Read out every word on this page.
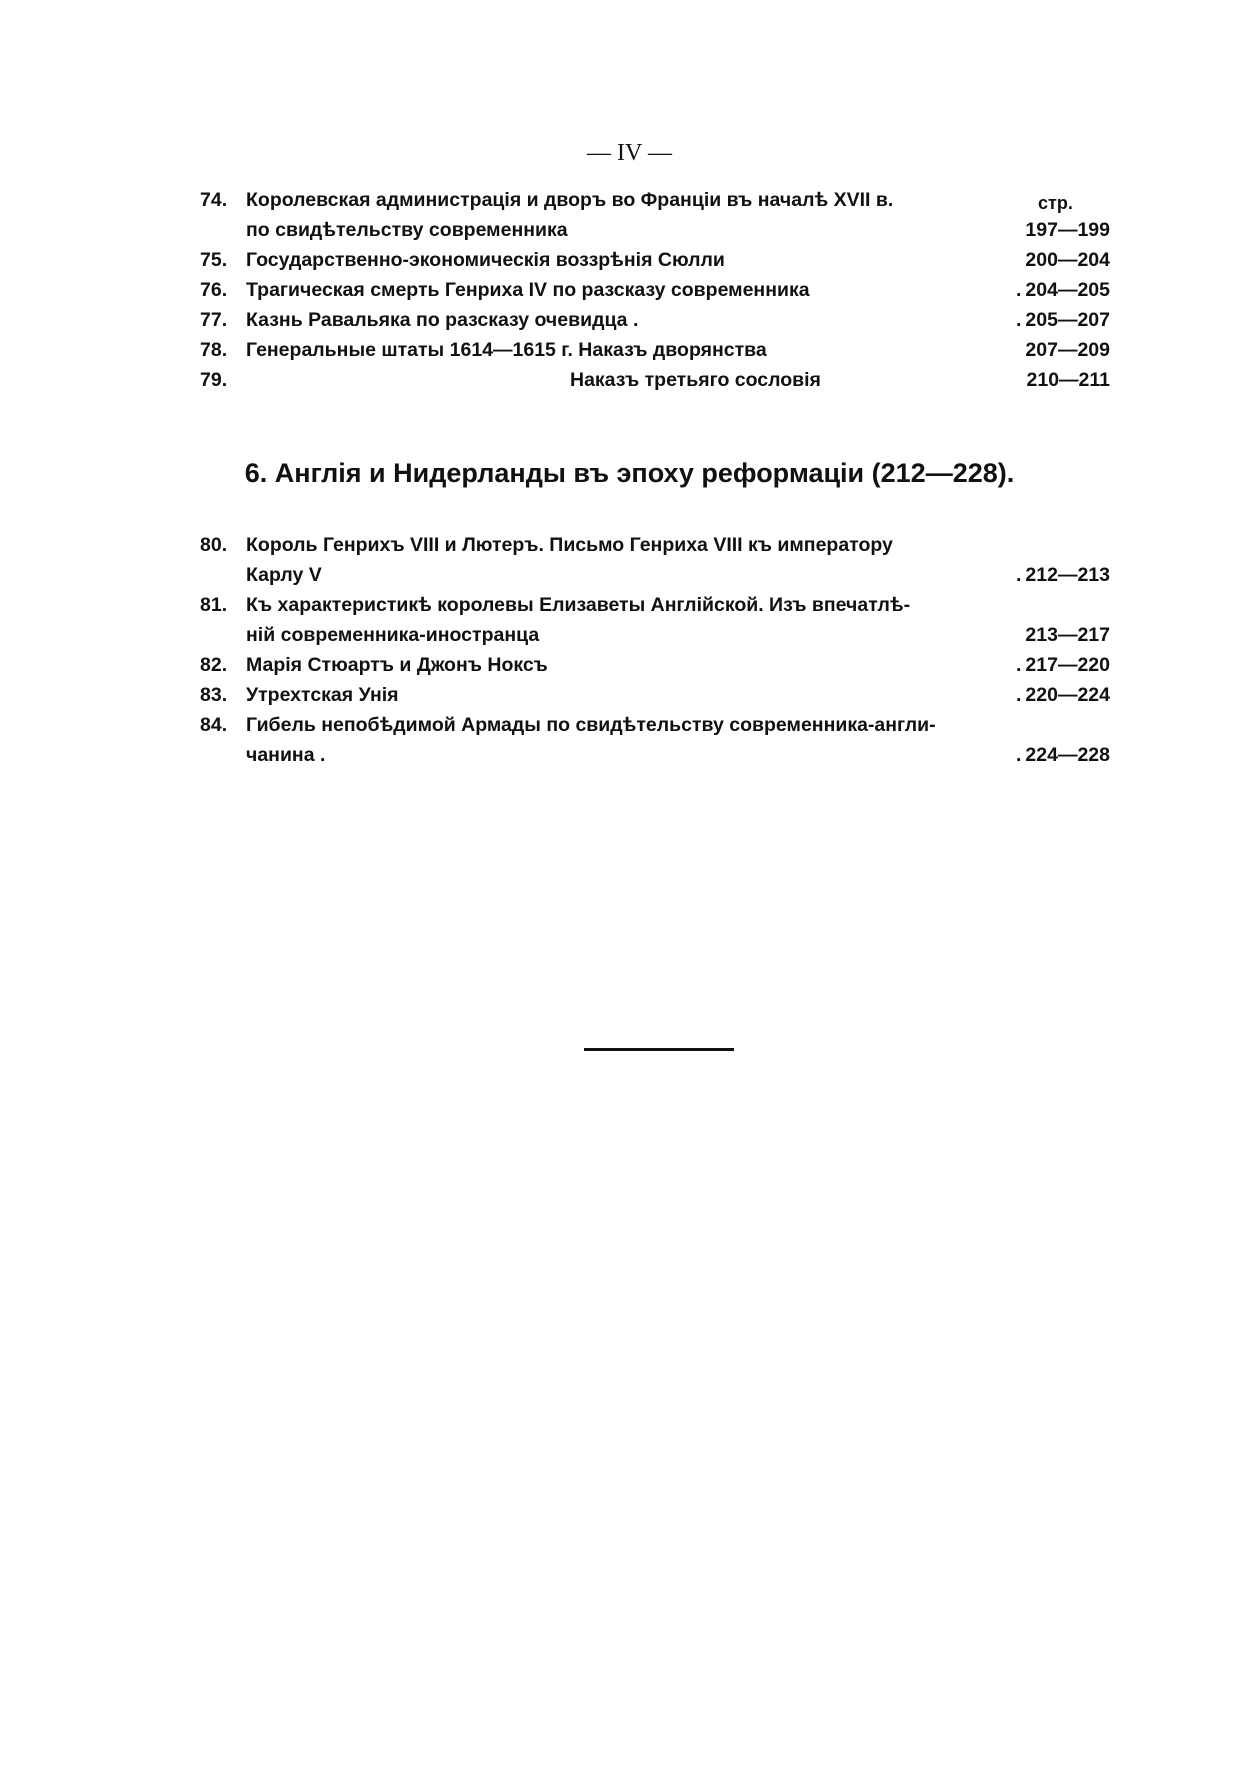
— IV —
стр.
74. Королевская администрація и дворъ во Франціи въ началѣ XVII в.
по свидѣтельству современника	197—199
75. Государственно-экономическія воззрѣнія Сюлли	200—204
76. Трагическая смерть Генриха IV по разсказу современника	. 204—205
77. Казнь Равальяка по разсказу очевидца .	. 205—207
78. Генеральные штаты 1614—1615 г. Наказъ дворянства	207—209
79.	Наказъ третьяго сословія	210—211
6. Англія и Нидерланды въ эпоху реформаціи (212—228).
80. Король Генрихъ VIII и Лютеръ. Письмо Генриха VIII къ императору
Карлу V	. 212—213
81. Къ характеристикѣ королевы Елизаветы Англійской. Изъ впечатлѣ-
ній современника-иностранца	213—217
82. Марія Стюартъ и Джонъ Ноксъ	. 217—220
83. Утрехтская Унія	. 220—224
84. Гибель непобѣдимой Армады по свидѣтельству современника-англи-
чанина .	. 224—228
